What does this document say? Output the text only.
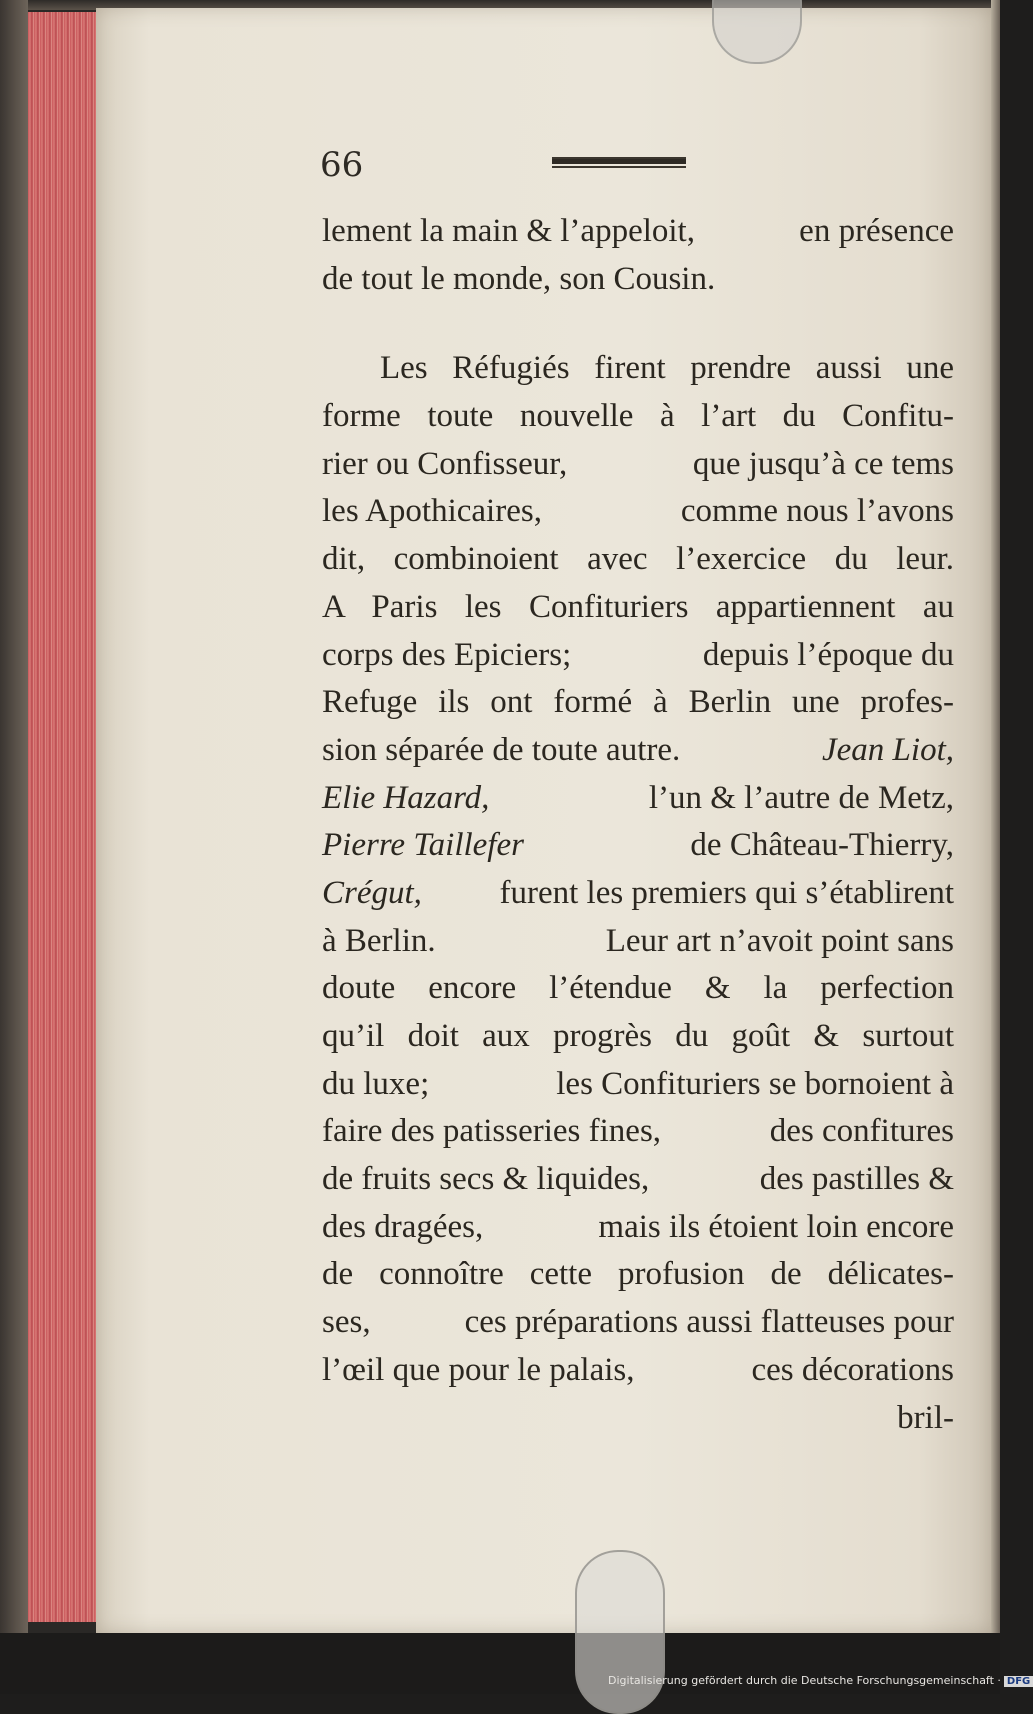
66
lement la main & l’appeloit,	en présence
de tout le monde, son Cousin.
Les Réfugiés firent prendre aussi une
forme toute nouvelle à l’art du Confitu-
rier ou Confisseur,	que jusqu’à ce tems
les Apothicaires,	comme nous l’avons
dit, combinoient avec l’exercice du leur.
A Paris les Confituriers appartiennent au
corps des Epiciers;	depuis l’époque du
Refuge ils ont formé à Berlin une profes-
sion séparée de toute autre.	Jean Liot,
Elie Hazard,	l’un & l’autre de Metz,
Pierre Taillefer	de Château-Thierry,
Crégut, furent les premiers qui s’établirent
à Berlin.	Leur art n’avoit point sans
doute encore l’étendue & la perfection
qu’il doit aux progrès du goût & surtout
du luxe;	les Confituriers se bornoient à
faire des patisseries fines,	des confitures
de fruits secs & liquides,	des pastilles &
des dragées,	mais ils étoient loin encore
de connoître cette profusion de délicates-
ses,	ces préparations aussi flatteuses pour
l’œil que pour le palais,	ces décorations
bril-
Digitalisierung gefördert durch die Deutsche Forschungsgemeinschaft · DFG
